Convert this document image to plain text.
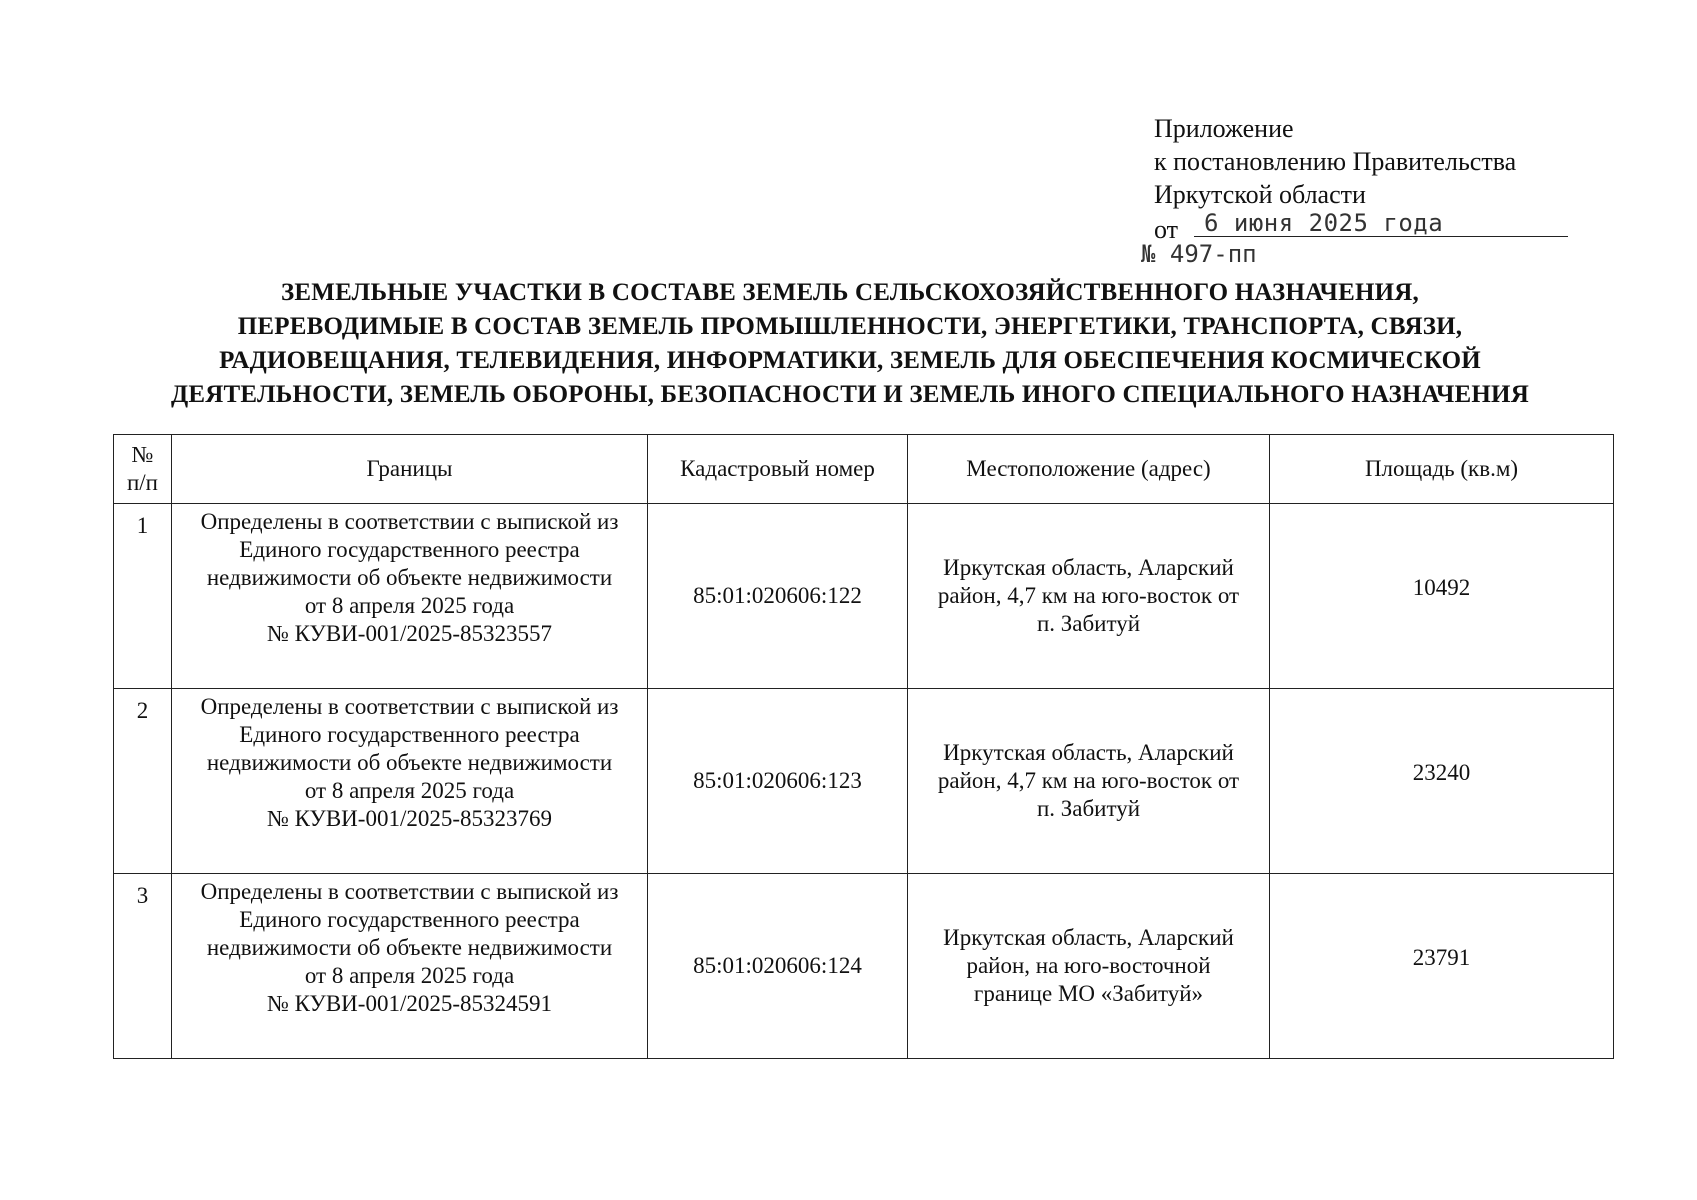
Приложение
к постановлению Правительства
Иркутской области
от 6 июня 2025 года
№ 497-пп
ЗЕМЕЛЬНЫЕ УЧАСТКИ В СОСТАВЕ ЗЕМЕЛЬ СЕЛЬСКОХОЗЯЙСТВЕННОГО НАЗНАЧЕНИЯ,
ПЕРЕВОДИМЫЕ В СОСТАВ ЗЕМЕЛЬ ПРОМЫШЛЕННОСТИ, ЭНЕРГЕТИКИ, ТРАНСПОРТА, СВЯЗИ,
РАДИОВЕЩАНИЯ, ТЕЛЕВИДЕНИЯ, ИНФОРМАТИКИ, ЗЕМЕЛЬ ДЛЯ ОБЕСПЕЧЕНИЯ КОСМИЧЕСКОЙ
ДЕЯТЕЛЬНОСТИ, ЗЕМЕЛЬ ОБОРОНЫ, БЕЗОПАСНОСТИ И ЗЕМЕЛЬ ИНОГО СПЕЦИАЛЬНОГО НАЗНАЧЕНИЯ
№
п/п	Границы	Кадастровый номер	Местоположение (адрес)	Площадь (кв.м)
1	Определены в соответствии с выпиской из
Единого государственного реестра
недвижимости об объекте недвижимости
от 8 апреля 2025 года
№ КУВИ-001/2025-85323557	85:01:020606:122	Иркутская область, Аларский
район, 4,7 км на юго-восток от
п. Забитуй	10492
2	Определены в соответствии с выпиской из
Единого государственного реестра
недвижимости об объекте недвижимости
от 8 апреля 2025 года
№ КУВИ-001/2025-85323769	85:01:020606:123	Иркутская область, Аларский
район, 4,7 км на юго-восток от
п. Забитуй	23240
3	Определены в соответствии с выпиской из
Единого государственного реестра
недвижимости об объекте недвижимости
от 8 апреля 2025 года
№ КУВИ-001/2025-85324591	85:01:020606:124	Иркутская область, Аларский
район, на юго-восточной
границе МО «Забитуй»	23791
